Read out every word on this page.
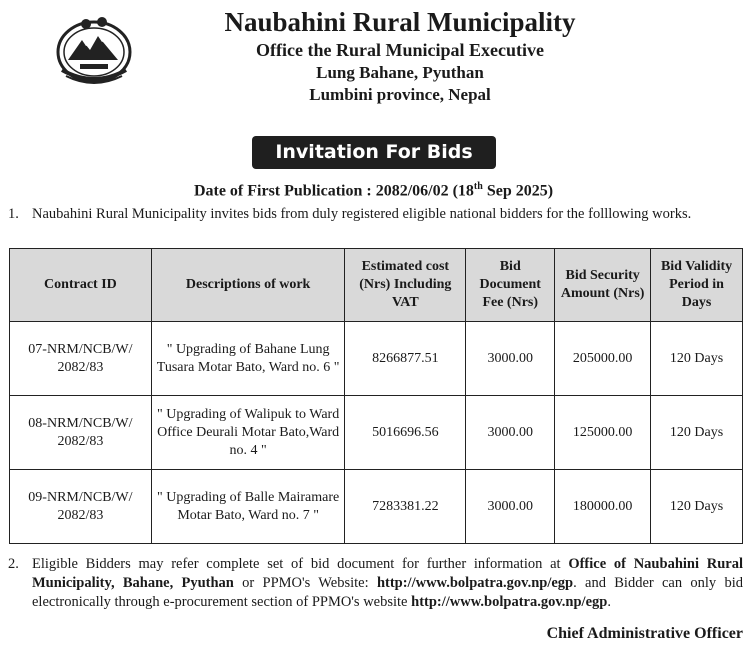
Naubahini Rural Municipality
Office the Rural Municipal Executive
Lung Bahane, Pyuthan
Lumbini province, Nepal
Invitation For Bids
Date of First Publication : 2082/06/02 (18th Sep 2025)
1. Naubahini Rural Municipality invites bids from duly registered eligible national bidders for the folllowing works.
Contract ID	Descriptions of work	Estimated cost (Nrs) Including VAT	Bid Document Fee (Nrs)	Bid Security Amount (Nrs)	Bid Validity Period in Days
07-NRM/NCB/W/ 2082/83	" Upgrading of Bahane Lung Tusara Motar Bato, Ward no. 6 "	8266877.51	3000.00	205000.00	120 Days
08-NRM/NCB/W/ 2082/83	" Upgrading of Walipuk to Ward Office Deurali Motar Bato,Ward no. 4 "	5016696.56	3000.00	125000.00	120 Days
09-NRM/NCB/W/ 2082/83	" Upgrading of Balle Mairamare Motar Bato, Ward no. 7 "	7283381.22	3000.00	180000.00	120 Days
2. Eligible Bidders may refer complete set of bid document for further information at Office of Naubahini Rural Municipality, Bahane, Pyuthan or PPMO's Website: http://www.bolpatra.gov.np/egp. and Bidder can only bid electronically through e-procurement section of PPMO's website http://www.bolpatra.gov.np/egp.
Chief Administrative Officer
